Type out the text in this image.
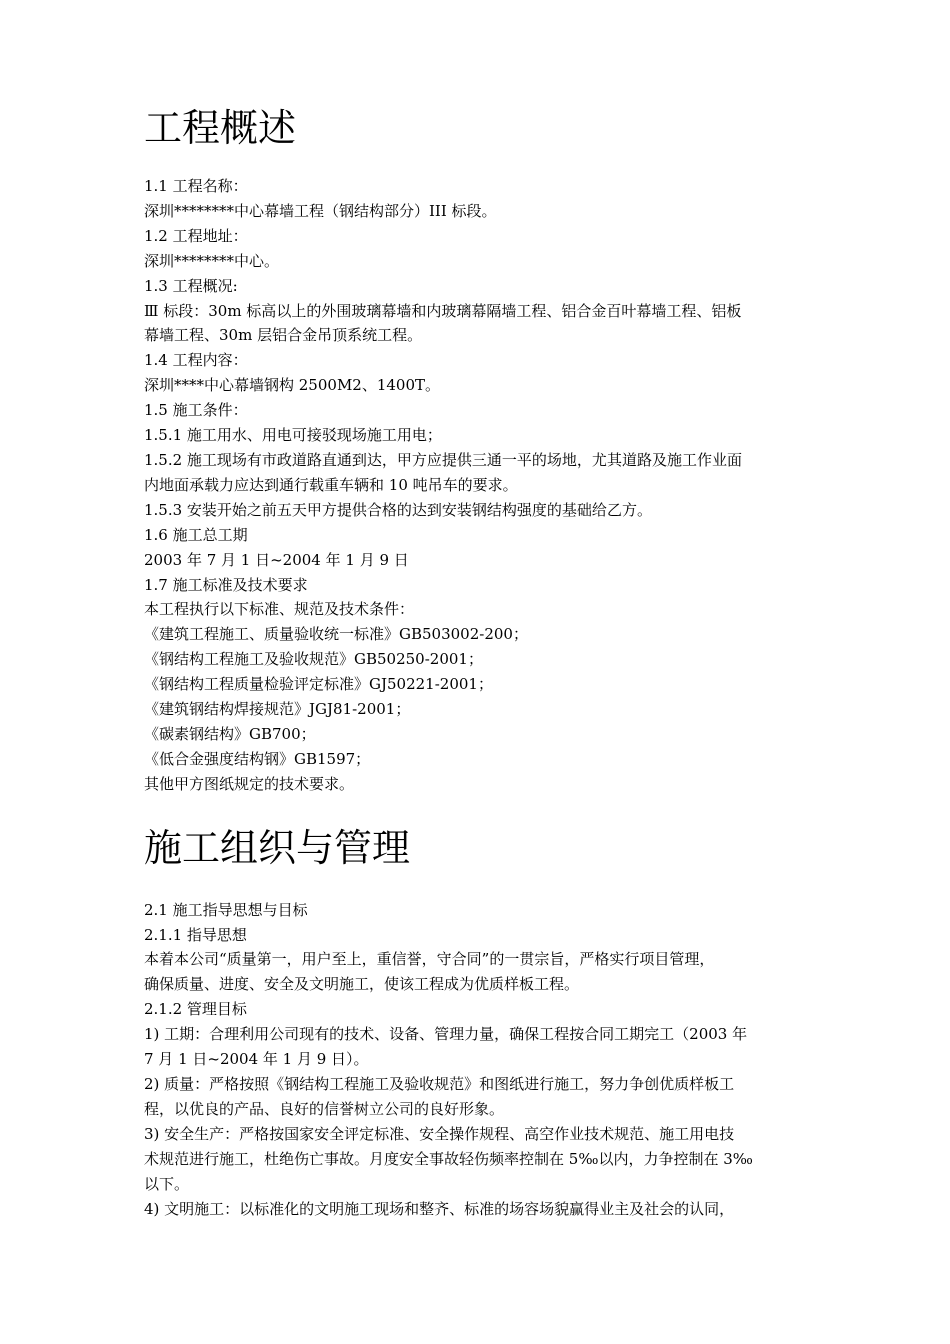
工程概述

1.1 工程名称：

深圳********中心幕墙工程（钢结构部分）III 标段。

1.2 工程地址：

深圳********中心。

1.3 工程概况:

Ⅲ 标段：30m 标高以上的外围玻璃幕墙和内玻璃幕隔墙工程、铝合金百叶幕墙工程、铝板

幕墙工程、30m 层铝合金吊顶系统工程。

1.4 工程内容：

深圳****中心幕墙钢构 2500M2、1400T。

1.5 施工条件：

1.5.1 施工用水、用电可接驳现场施工用电；

1.5.2 施工现场有市政道路直通到达，甲方应提供三通一平的场地，尤其道路及施工作业面

内地面承载力应达到通行载重车辆和 10 吨吊车的要求。

1.5.3 安装开始之前五天甲方提供合格的达到安装钢结构强度的基础给乙方。

1.6 施工总工期

2003 年 7 月 1 日~2004 年 1 月 9 日

1.7 施工标准及技术要求

本工程执行以下标准、规范及技术条件：

《建筑工程施工、质量验收统一标准》GB503002-200；

《钢结构工程施工及验收规范》GB50250-2001；

《钢结构工程质量检验评定标准》GJ50221-2001；

《建筑钢结构焊接规范》JGJ81-2001；

《碳素钢结构》GB700；

《低合金强度结构钢》GB1597；

其他甲方图纸规定的技术要求。

施工组织与管理

2.1 施工指导思想与目标

2.1.1 指导思想

本着本公司“质量第一，用户至上，重信誉，守合同”的一贯宗旨，严格实行项目管理，

确保质量、进度、安全及文明施工，使该工程成为优质样板工程。

2.1.2 管理目标

1) 工期：合理利用公司现有的技术、设备、管理力量，确保工程按合同工期完工（2003 年

7 月 1 日~2004 年 1 月 9 日）。

2) 质量：严格按照《钢结构工程施工及验收规范》和图纸进行施工，努力争创优质样板工

程，以优良的产品、良好的信誉树立公司的良好形象。

3) 安全生产：严格按国家安全评定标准、安全操作规程、高空作业技术规范、施工用电技

术规范进行施工，杜绝伤亡事故。月度安全事故轻伤频率控制在 5‰以内，力争控制在 3‰

以下。

4) 文明施工：以标准化的文明施工现场和整齐、标准的场容场貌赢得业主及社会的认同，
